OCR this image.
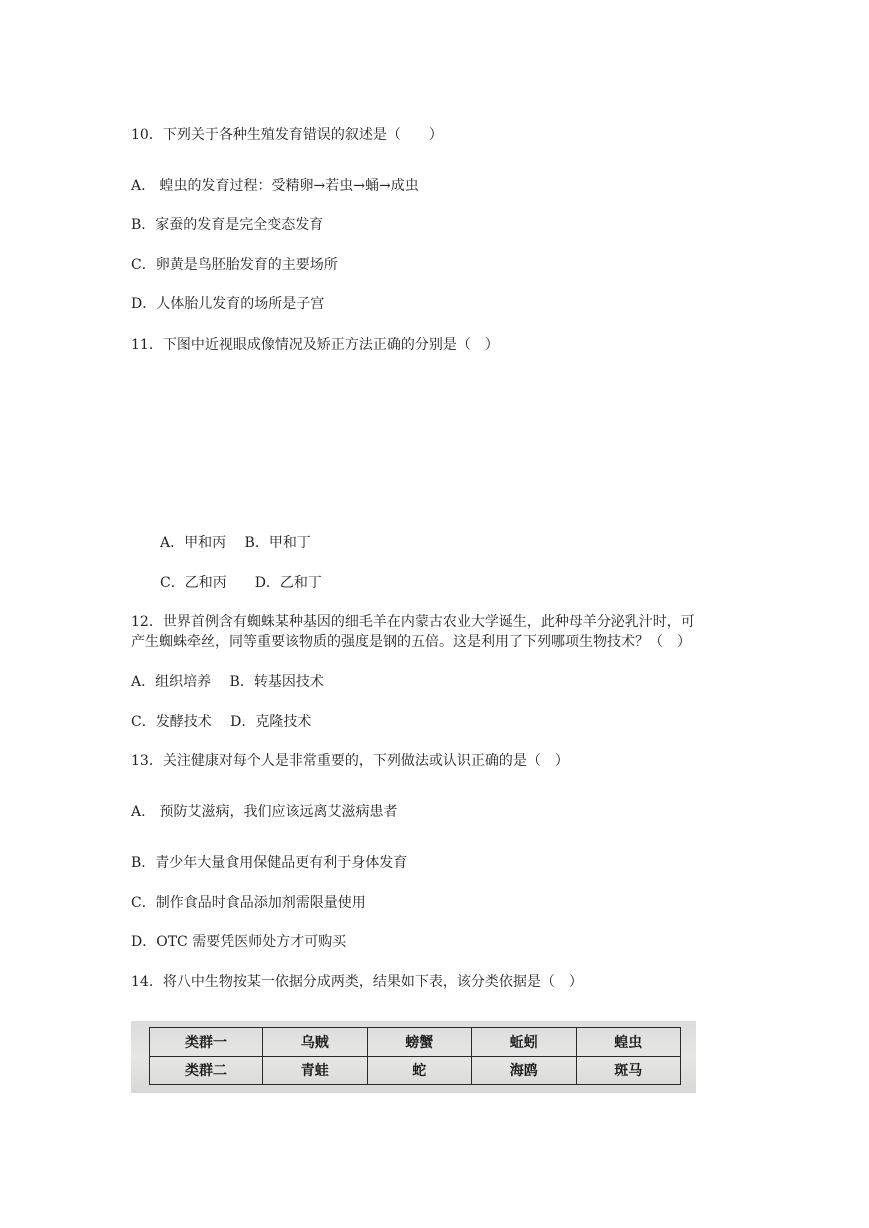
10．下列关于各种生殖发育错误的叙述是（　　）
A.　蝗虫的发育过程：受精卵→若虫→蛹→成虫
B．家蚕的发育是完全变态发育
C．卵黄是鸟胚胎发育的主要场所
D．人体胎儿发育的场所是子宫
11．下图中近视眼成像情况及矫正方法正确的分别是（　）
A．甲和丙　 B．甲和丁
C．乙和丙　　D．乙和丁
12．世界首例含有蜘蛛某种基因的细毛羊在内蒙古农业大学诞生，此种母羊分泌乳汁时，可
产生蜘蛛牵丝，同等重要该物质的强度是钢的五倍。这是利用了下列哪项生物技术？（　）
A．组织培养　 B．转基因技术
C．发酵技术　 D．克隆技术
13．关注健康对每个人是非常重要的，下列做法或认识正确的是（　）
A.　预防艾滋病，我们应该远离艾滋病患者
B．青少年大量食用保健品更有利于身体发育
C．制作食品时食品添加剂需限量使用
D．OTC 需要凭医师处方才可购买
14．将八中生物按某一依据分成两类，结果如下表，该分类依据是（　）
类群一	乌贼	螃蟹	蚯蚓	蝗虫
类群二	青蛙	蛇	海鸥	斑马
